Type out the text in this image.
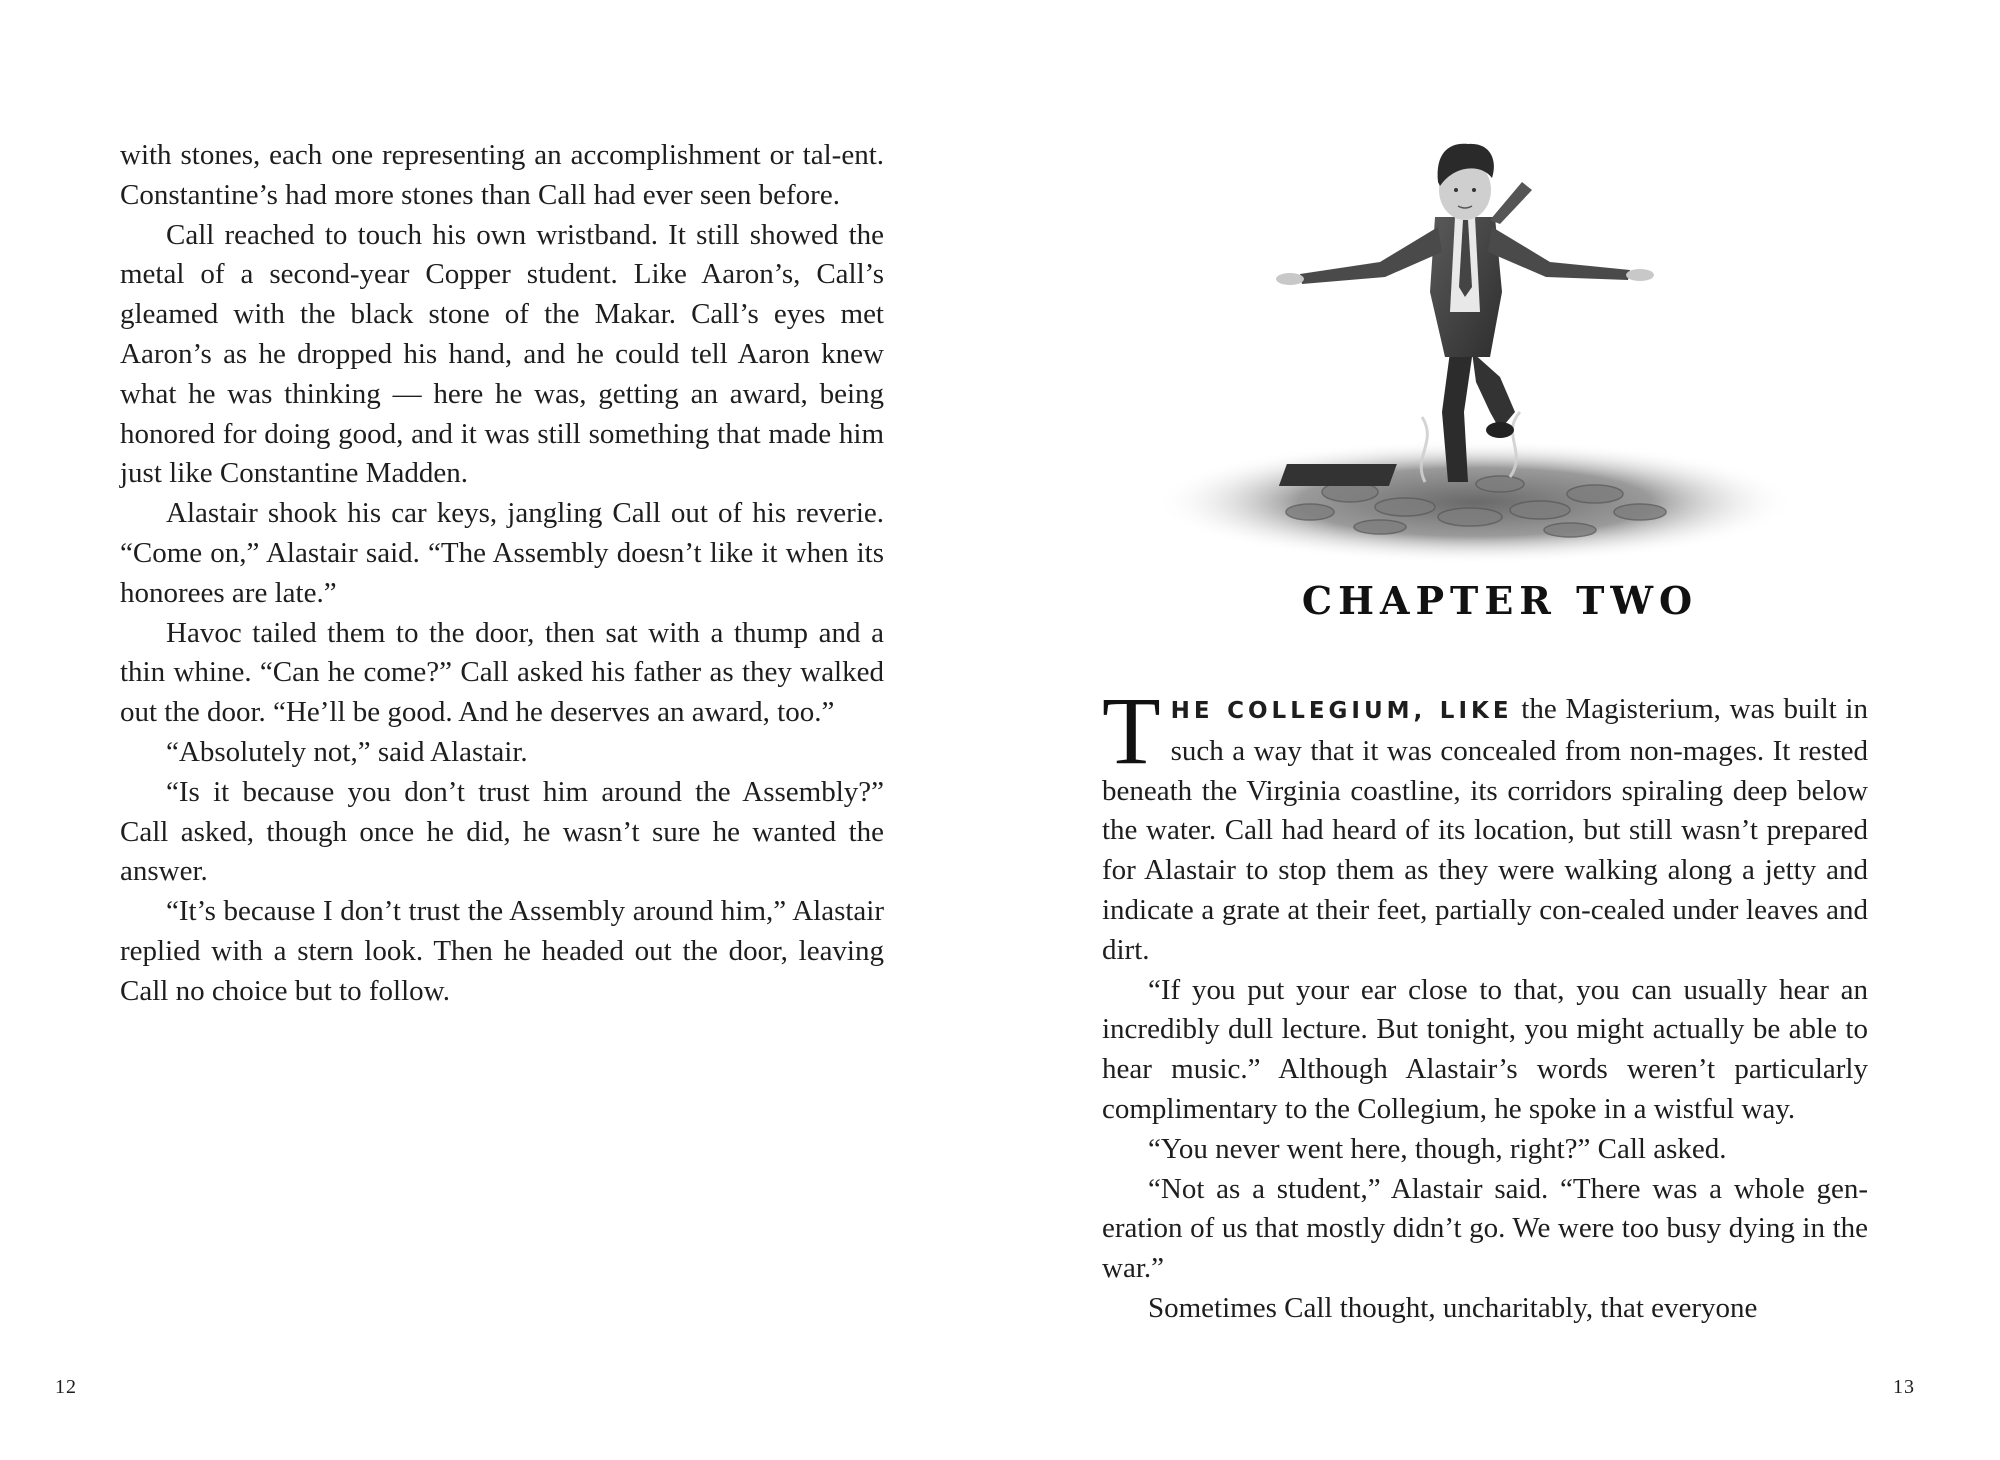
with stones, each one representing an accomplishment or tal-ent. Constantine’s had more stones than Call had ever seen before.

Call reached to touch his own wristband. It still showed the metal of a second-year Copper student. Like Aaron’s, Call’s gleamed with the black stone of the Makar. Call’s eyes met Aaron’s as he dropped his hand, and he could tell Aaron knew what he was thinking — here he was, getting an award, being honored for doing good, and it was still something that made him just like Constantine Madden.

Alastair shook his car keys, jangling Call out of his reverie. “Come on,” Alastair said. “The Assembly doesn’t like it when its honorees are late.”

Havoc tailed them to the door, then sat with a thump and a thin whine. “Can he come?” Call asked his father as they walked out the door. “He’ll be good. And he deserves an award, too.”

“Absolutely not,” said Alastair.

“Is it because you don’t trust him around the Assembly?” Call asked, though once he did, he wasn’t sure he wanted the answer.

“It’s because I don’t trust the Assembly around him,” Alastair replied with a stern look. Then he headed out the door, leaving Call no choice but to follow.

12
CHAPTER TWO

THE COLLEGIUM, LIKE the Magisterium, was built in such a way that it was concealed from non-mages. It rested beneath the Virginia coastline, its corridors spiraling deep below the water. Call had heard of its location, but still wasn’t prepared for Alastair to stop them as they were walking along a jetty and indicate a grate at their feet, partially con-cealed under leaves and dirt.

“If you put your ear close to that, you can usually hear an incredibly dull lecture. But tonight, you might actually be able to hear music.” Although Alastair’s words weren’t particularly complimentary to the Collegium, he spoke in a wistful way.

“You never went here, though, right?” Call asked.

“Not as a student,” Alastair said. “There was a whole gen-eration of us that mostly didn’t go. We were too busy dying in the war.”

Sometimes Call thought, uncharitably, that everyone

13
